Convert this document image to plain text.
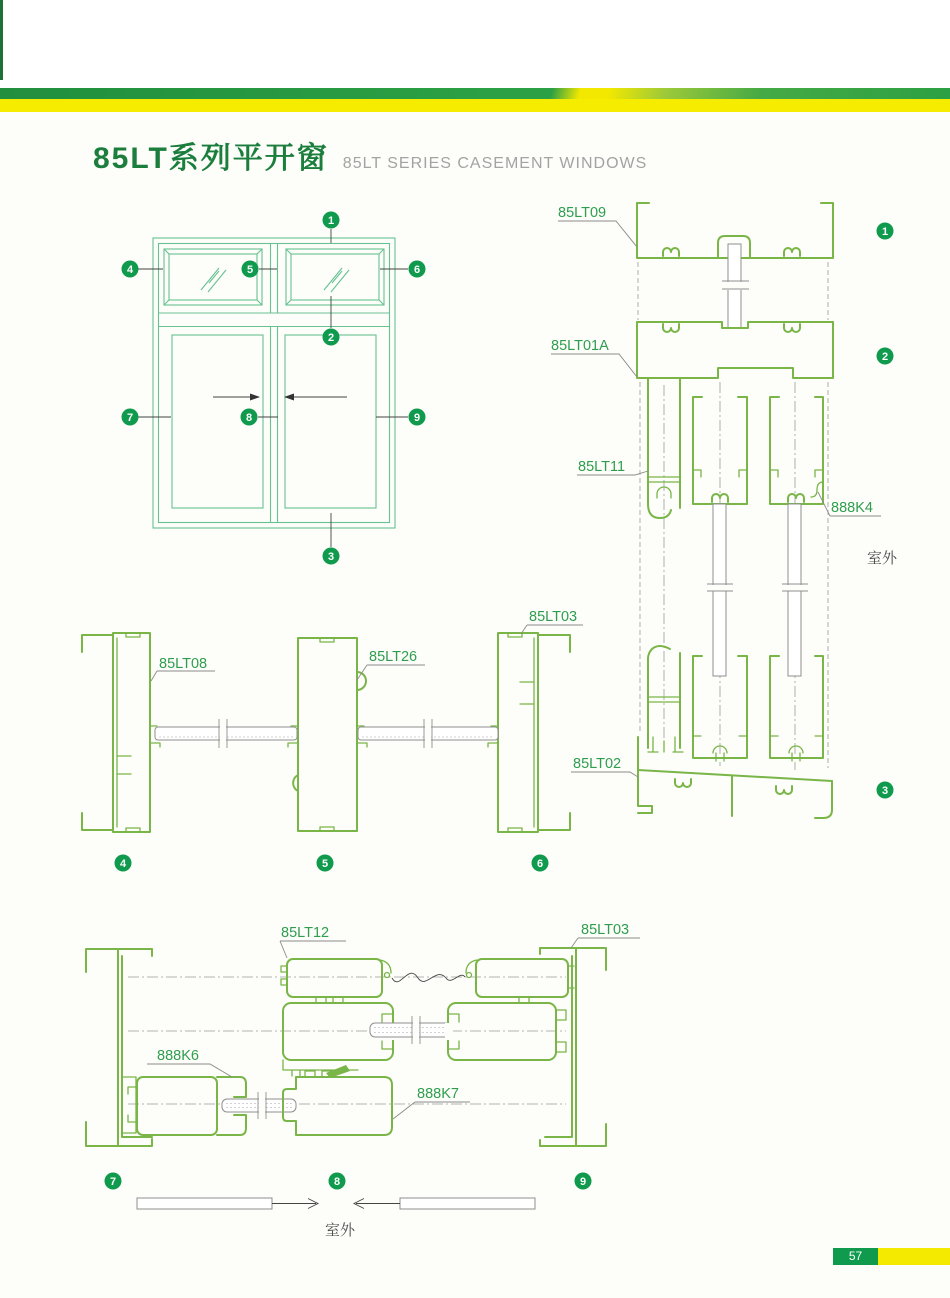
85LT系列平开窗 85LT SERIES CASEMENT WINDOWS
1
2
3
4	5	6
7	8	9
85LT09
85LT01A
85LT11
888K4
室外
85LT02
1
2
3
85LT08	85LT26
85LT03
4	5	6
85LT12	85LT03
888K6
888K7
7	8	9
室外
57
